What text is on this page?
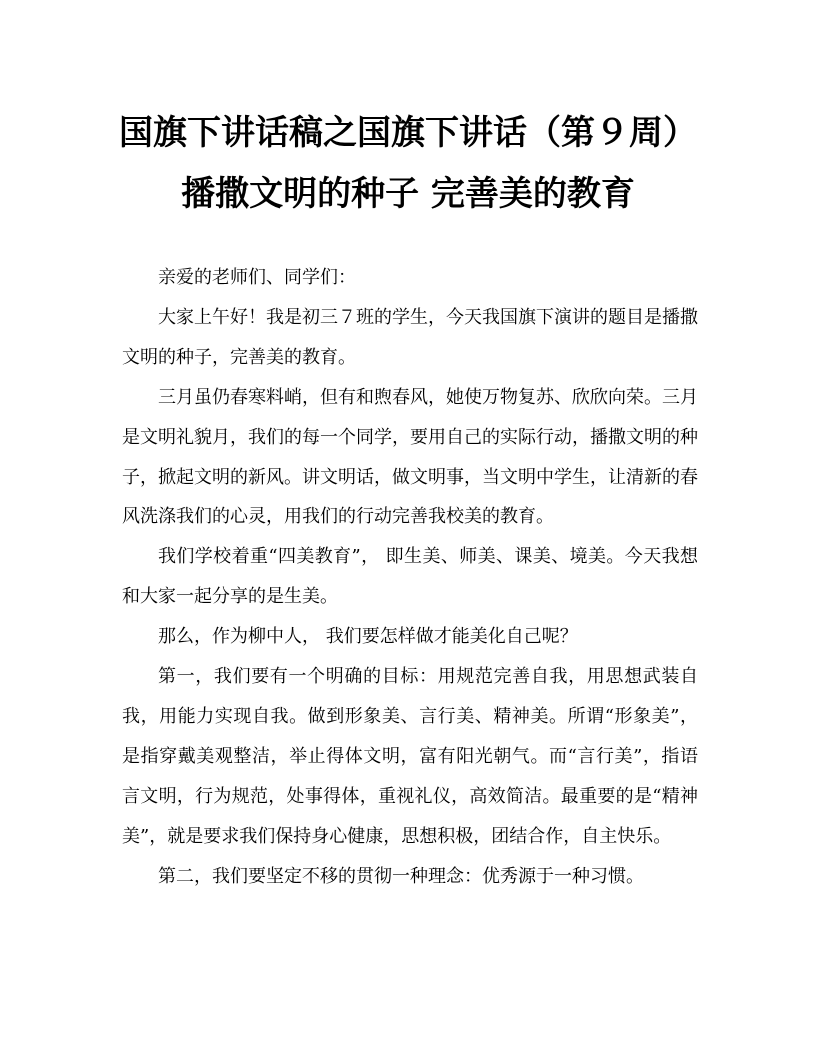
国旗下讲话稿之国旗下讲话（第９周）
播撒文明的种子 完善美的教育

亲爱的老师们、同学们：

大家上午好！我是初三７班的学生，今天我国旗下演讲的题目是播撒文明的种子，完善美的教育。

三月虽仍春寒料峭，但有和煦春风，她使万物复苏、欣欣向荣。三月是文明礼貌月，我们的每一个同学，要用自己的实际行动，播撒文明的种子，掀起文明的新风。讲文明话，做文明事，当文明中学生，让清新的春风洗涤我们的心灵，用我们的行动完善我校美的教育。

我们学校着重“四美教育”， 即生美、师美、课美、境美。今天我想和大家一起分享的是生美。

那么，作为柳中人， 我们要怎样做才能美化自己呢？

第一，我们要有一个明确的目标：用规范完善自我，用思想武装自我，用能力实现自我。做到形象美、言行美、精神美。所谓“形象美”，是指穿戴美观整洁，举止得体文明，富有阳光朝气。而“言行美”，指语言文明，行为规范，处事得体，重视礼仪，高效简洁。最重要的是“精神美”，就是要求我们保持身心健康，思想积极，团结合作，自主快乐。

第二，我们要坚定不移的贯彻一种理念：优秀源于一种习惯。
